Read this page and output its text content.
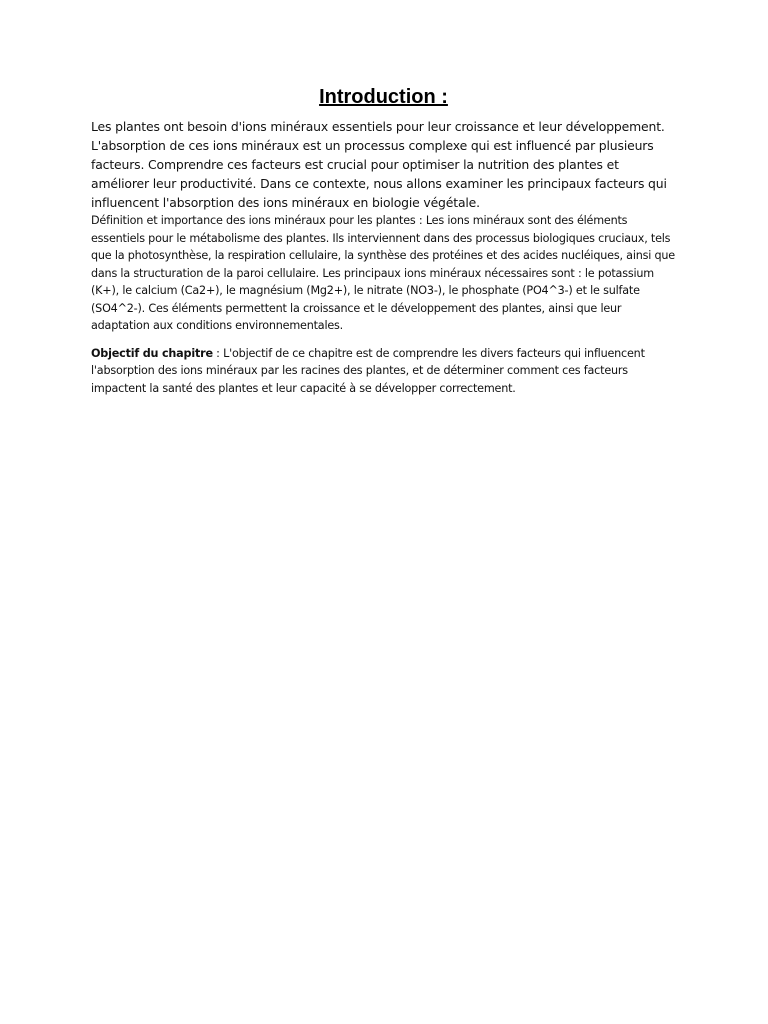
Introduction :

Les plantes ont besoin d'ions minéraux essentiels pour leur croissance et leur développement. L'absorption de ces ions minéraux est un processus complexe qui est influencé par plusieurs facteurs. Comprendre ces facteurs est crucial pour optimiser la nutrition des plantes et améliorer leur productivité. Dans ce contexte, nous allons examiner les principaux facteurs qui influencent l'absorption des ions minéraux en biologie végétale.

Définition et importance des ions minéraux pour les plantes : Les ions minéraux sont des éléments essentiels pour le métabolisme des plantes. Ils interviennent dans des processus biologiques cruciaux, tels que la photosynthèse, la respiration cellulaire, la synthèse des protéines et des acides nucléiques, ainsi que dans la structuration de la paroi cellulaire. Les principaux ions minéraux nécessaires sont : le potassium (K+), le calcium (Ca2+), le magnésium (Mg2+), le nitrate (NO3-), le phosphate (PO4^3-) et le sulfate (SO4^2-). Ces éléments permettent la croissance et le développement des plantes, ainsi que leur adaptation aux conditions environnementales.

Objectif du chapitre : L'objectif de ce chapitre est de comprendre les divers facteurs qui influencent l'absorption des ions minéraux par les racines des plantes, et de déterminer comment ces facteurs impactent la santé des plantes et leur capacité à se développer correctement.
